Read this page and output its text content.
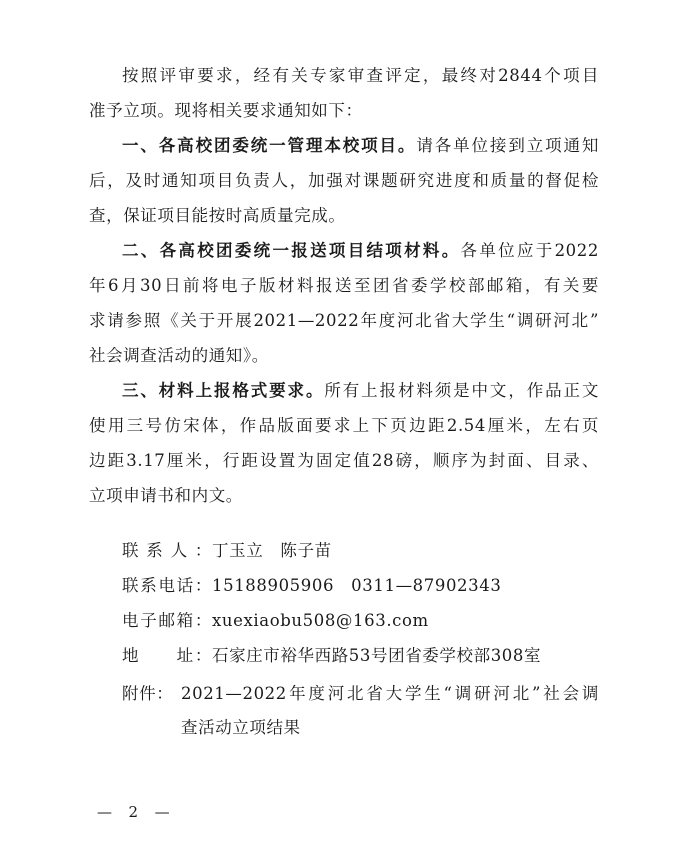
按照评审要求，经有关专家审查评定，最终对2844个项目
准予立项。现将相关要求通知如下：
一、各高校团委统一管理本校项目。请各单位接到立项通知
后，及时通知项目负责人，加强对课题研究进度和质量的督促检
查，保证项目能按时高质量完成。
二、各高校团委统一报送项目结项材料。各单位应于2022
年6月30日前将电子版材料报送至团省委学校部邮箱，有关要
求请参照《关于开展2021—2022年度河北省大学生“调研河北”
社会调查活动的通知》。
三、材料上报格式要求。所有上报材料须是中文，作品正文
使用三号仿宋体，作品版面要求上下页边距2.54厘米，左右页
边距3.17厘米，行距设置为固定值28磅，顺序为封面、目录、
立项申请书和内文。
联系人：丁玉立　陈子苗
联系电话：15188905906　0311—87902343
电子邮箱：xuexiaobu508@163.com
地　　址：石家庄市裕华西路53号团省委学校部308室
附件： 2021—2022年度河北省大学生“调研河北”社会调
查活动立项结果
— 2 —
